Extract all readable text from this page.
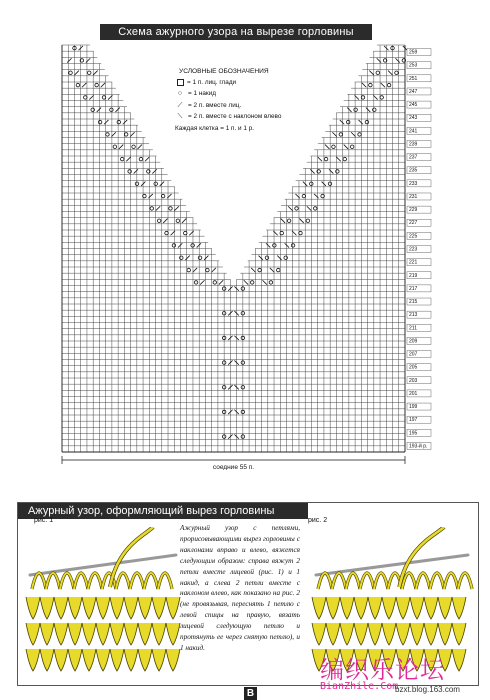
259
253
251
247
245
243
241
239
237
235
233
231
229
227
225
223
221
219
217
215
213
211
209
207
205
203
201
199
197
195
193-й р.
соедние 55 п.
Схема ажурного узора на вырезе горловины
УСЛОВНЫЕ ОБОЗНАЧЕНИЯ
= 1 п. лиц. глади
○ = 1 накид
⟋ = 2 п. вместе лиц.
⟍ = 2 п. вместе с наклоном влево
Каждая клетка = 1 п. и 1 р.
Ажурный узор, оформляющий вырез горловины
рис. 1
Ажурный узор с петлями, прорисовывающими вырез горловины с наклонами вправо и влево, вяжется следующим образом: справа вяжут 2 петли вместе лицевой (рис. 1) и 1 накид, а слева 2 петли вместе с наклоном влево, как показано на рис. 2 (не провязывая, переснять 1 петлю с левой спицы на правую, вязать лицевой следующую петлю и протянуть ее через снятую петлю), и 1 накид.
рис. 2
В
编织乐论坛
BianZhile.Com
bzxt.blog.163.com
